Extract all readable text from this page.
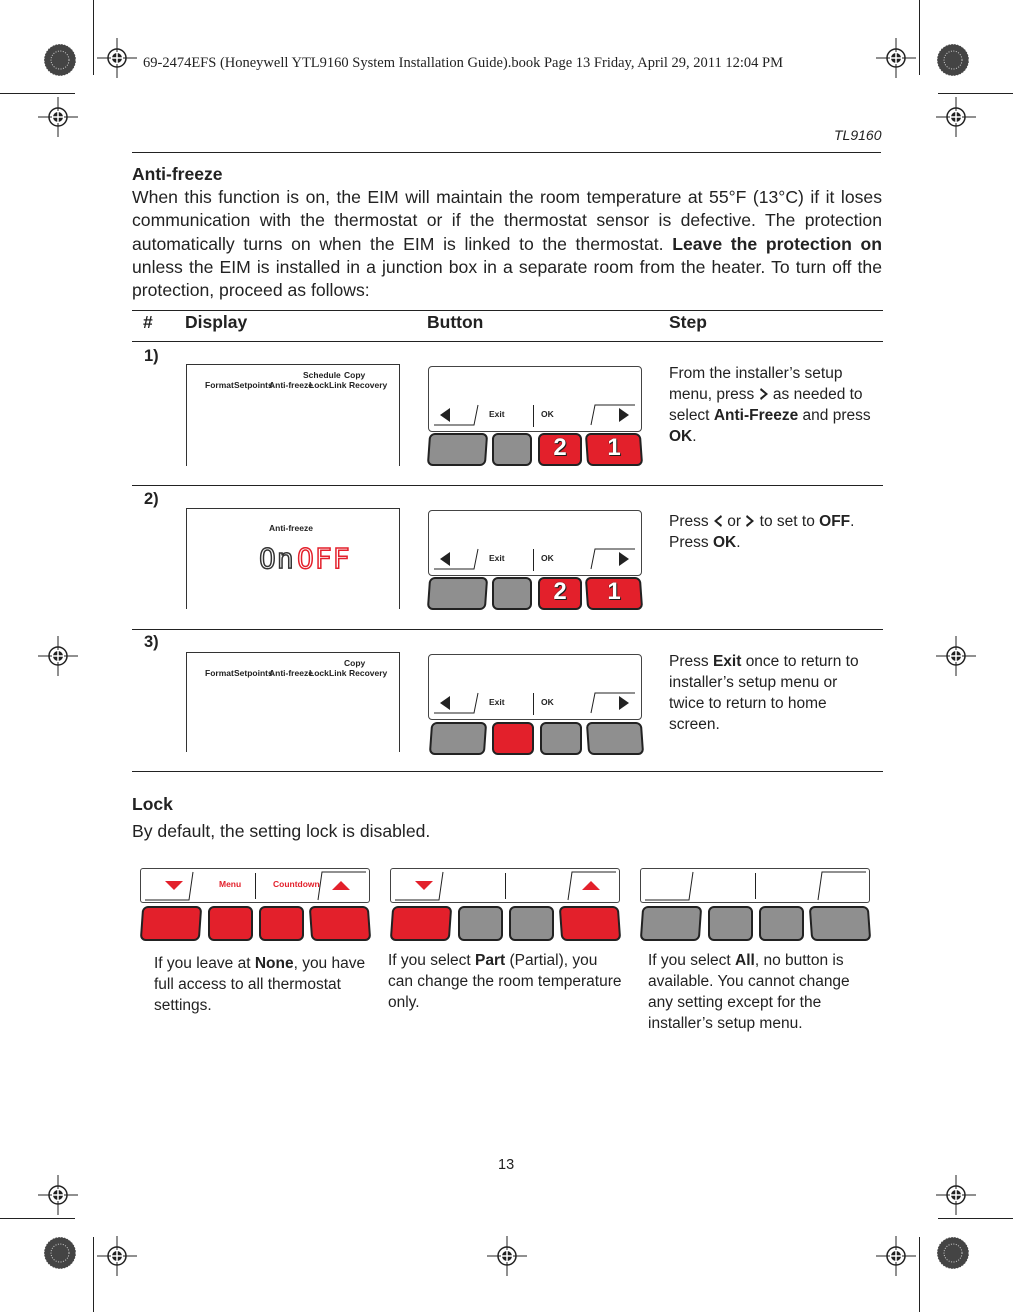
69-2474EFS (Honeywell YTL9160 System Installation Guide).book Page 13 Friday, April 29, 2011 12:04 PM
TL9160
Anti-freeze
When this function is on, the EIM will maintain the room temperature at 55°F (13°C) if it loses communication with the thermostat or if the thermostat sensor is defective. The protection automatically turns on when the EIM is linked to the thermostat. Leave the protection on unless the EIM is installed in a junction box in a separate room from the heater. To turn off the protection, proceed as follows:
# Display	Button	Step
1)
Schedule Copy
Format Setpoints
Anti-freeze
Lock Link Recovery
Exit	OK
2	1
From the installer’s setup menu, press as needed to select Anti-Freeze and press OK.
2)
Anti-freeze
On OFF	Exit	OK
2	1
Press or to set to OFF. Press OK.
3)
Copy
Format Setpoints
Anti-freeze
Lock Link Recovery
Exit	OK
Press Exit once to return to installer’s setup menu or twice to return to home screen.
Lock
By default, the setting lock is disabled.
Menu	Countdown
If you leave at None, you have full access to all thermostat settings.
If you select Part (Partial), you can change the room temperature only.
If you select All, no button is available. You cannot change any setting except for the installer’s setup menu.
13
